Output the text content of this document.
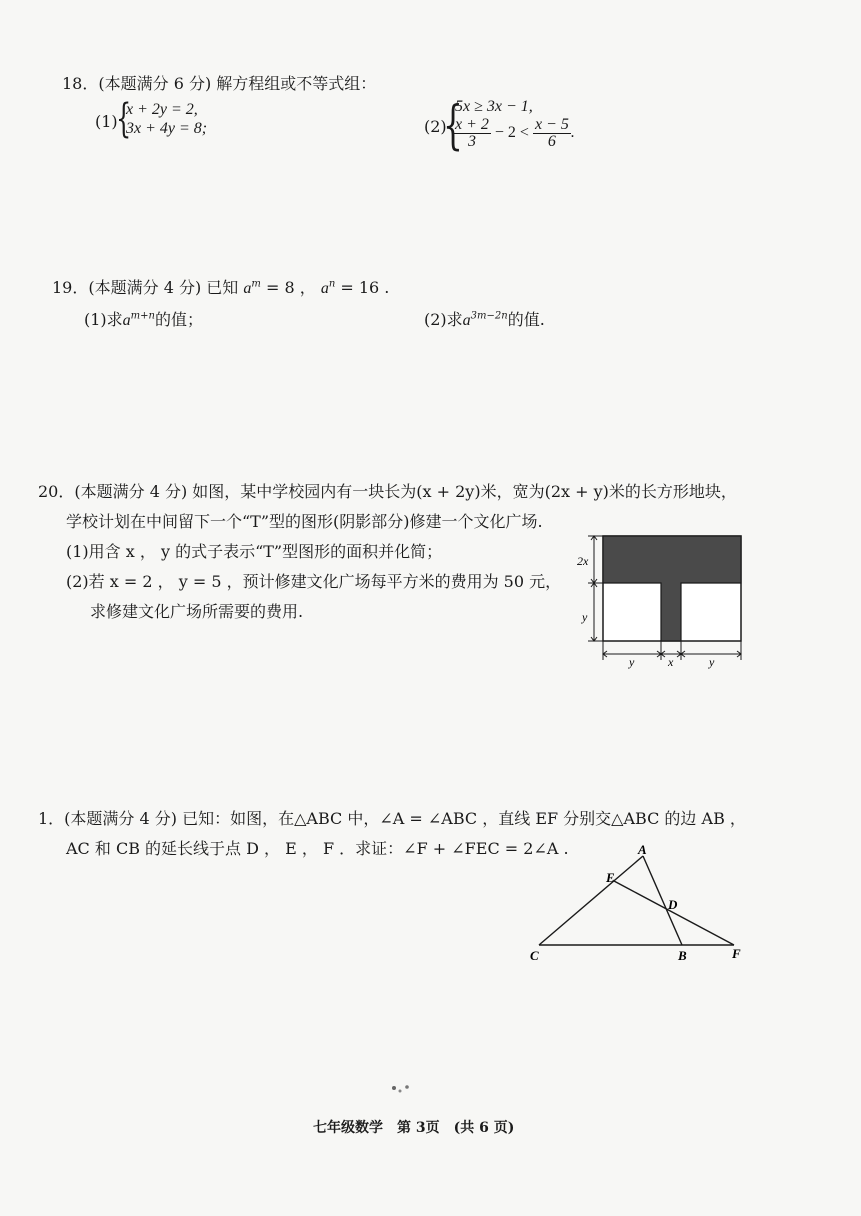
18．(本题满分 6 分) 解方程组或不等式组：
(1)
{
x + 2y = 2,
3x + 4y = 8;	(2)
{
5x ≥ 3x − 1,
$\frac{x + 2}{3} - 2 < \frac{x - 5}{6}$ .
19．(本题满分 4 分) 已知 $a^m = 8$ ， $a^n = 16$ .
(1)求$a^{m+n}$的值；	(2)求$a^{3m-2n}$的值.
20．(本题满分 4 分) 如图，某中学校园内有一块长为(x + 2y)米，宽为(2x + y)米的长方形地块，
学校计划在中间留下一个“T”型的图形(阴影部分)修建一个文化广场.
(1)用含 x ， y 的式子表示“T”型图形的面积并化简；
(2)若 x = 2 ， y = 5 ，预计修建文化广场每平方米的费用为 50 元，
求修建文化广场所需要的费用.
2x
y
y	x	y
1．(本题满分 4 分) 已知：如图，在△ABC 中，∠A = ∠ABC ，直线 EF 分别交△ABC 的边 AB ，
AC 和 CB 的延长线于点 D ， E ， F ．求证：∠F + ∠FEC = 2∠A .	A
B
C
D
E
F
七年级数学　第 3页　(共 6 页)
